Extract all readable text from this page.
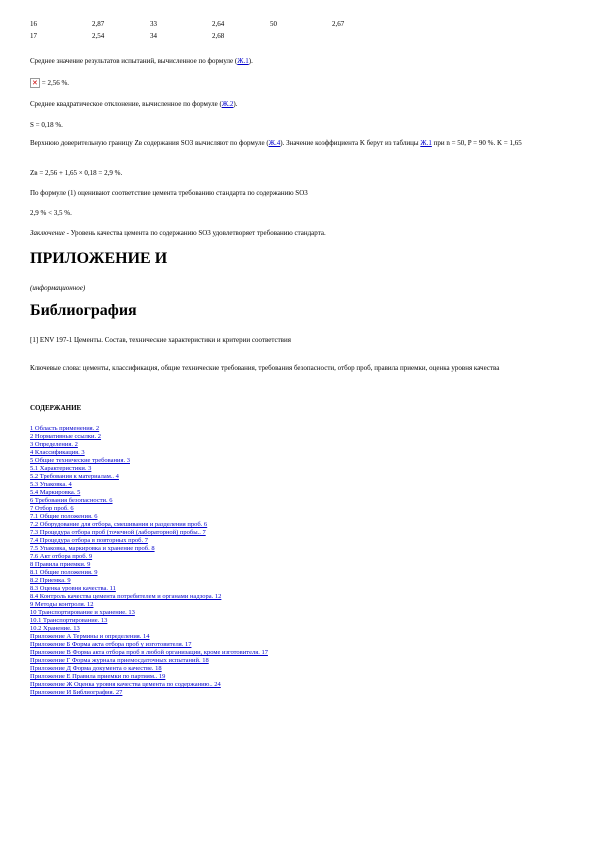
16	2,87	33	2,64	50	2,67
17	2,54	34	2,68
Среднее значение результатов испытаний, вычисленное по формуле (Ж.1).
✕ = 2,56 %.
Среднее квадратическое отклонение, вычисленное по формуле (Ж.2).
S = 0,18 %.
Верхнюю доверительную границу Zв содержания SO3 вычисляют по формуле (Ж.4). Значение коэффициента K берут из таблицы Ж.1 при n = 50, P = 90 %. K = 1,65
Zв = 2,56 + 1,65 × 0,18 = 2,9 %.
По формуле (1) оценивают соответствие цемента требованию стандарта по содержанию SO3
2,9 % < 3,5 %.
Заключение - Уровень качества цемента по содержанию SO3 удовлетворяет требованию стандарта.
ПРИЛОЖЕНИЕ И
(информационное)
Библиография
[1] ENV 197-1 Цементы. Состав, технические характеристики и критерии соответствия
Ключевые слова: цементы, классификация, общие технические требования, требования безопасности, отбор проб, правила приемки, оценка уровня качества
СОДЕРЖАНИЕ
1 Область применения. 2
2 Нормативные ссылки. 2
3 Определения. 2
4 Классификация. 3
5 Общие технические требования. 3
5.1 Характеристики. 3
5.2 Требования к материалам.. 4
5.3 Упаковка. 4
5.4 Маркировка. 5
6 Требования безопасности. 6
7 Отбор проб. 6
7.1 Общие положения. 6
7.2 Оборудование для отбора, смешивания и разделения проб. 6
7.3 Процедура отбора проб (точечной (лабораторной) пробы.. 7
7.4 Процедура отбора в повторных проб. 7
7.5 Упаковка, маркировка и хранение проб. 8
7.6 Акт отбора проб. 9
8 Правила приемки. 9
8.1 Общие положения. 9
8.2 Приемка. 9
8.3 Оценка уровня качества. 11
8.4 Контроль качества цемента потребителем и органами надзора. 12
9 Методы контроля. 12
10 Транспортирование и хранение. 13
10.1 Транспортирование. 13
10.2 Хранение. 13
Приложение А Термины и определения. 14
Приложение Б Форма акта отбора проб у изготовителя. 17
Приложение В Форма акта отбора проб в любой организации, кроме изготовителя. 17
Приложение Г Форма журнала приемосдаточных испытаний. 18
Приложение Д Форма документа о качестве. 18
Приложение Е Правила приемки по партиям.. 19
Приложение Ж Оценка уровня качества цемента по содержанию.. 24
Приложение И Библиография. 27
